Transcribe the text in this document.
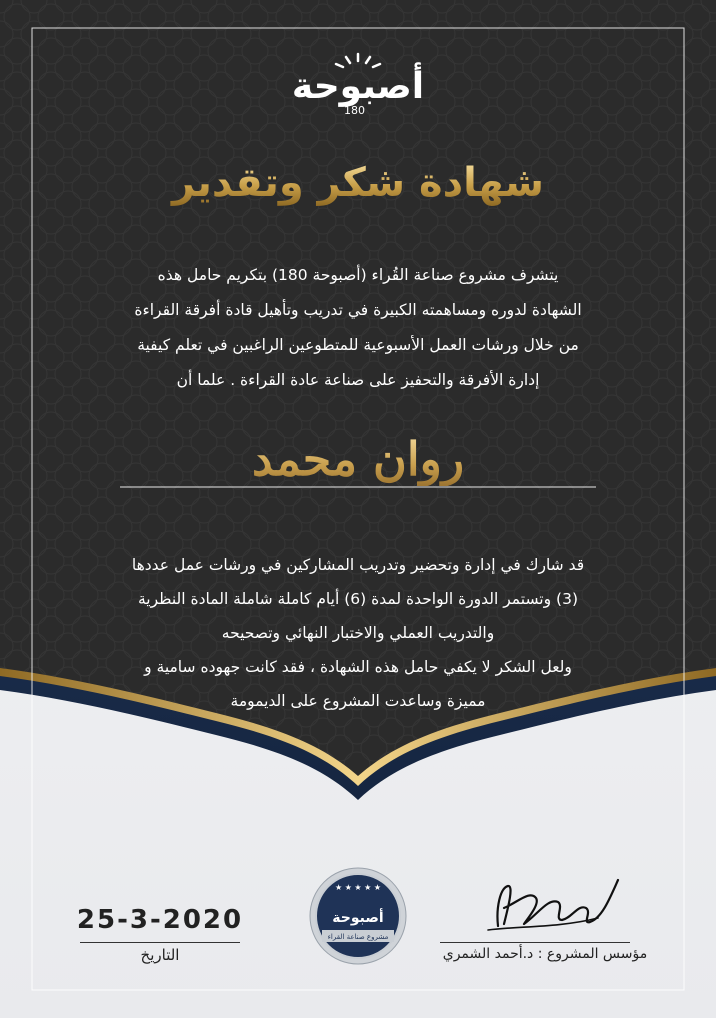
أصبوحة
180
شهادة شكر وتقدير
يتشرف مشروع صناعة القُراء (أصبوحة 180) بتكريم حامل هذه
الشهادة لدوره ومساهمته الكبيرة في تدريب وتأهيل قادة أفرقة القراءة
من خلال ورشات العمل الأسبوعية للمتطوعين الراغبين في تعلم كيفية
إدارة الأفرقة والتحفيز على صناعة عادة القراءة . علما أن
روان محمد
قد شارك في إدارة وتحضير وتدريب المشاركين في ورشات عمل عددها
(3) وتستمر الدورة الواحدة لمدة (6) أيام كاملة شاملة المادة النظرية
والتدريب العملي والاختبار النهائي وتصحيحه
ولعل الشكر لا يكفي حامل هذه الشهادة ، فقد كانت جهوده سامية و
مميزة وساعدت المشروع على الديمومة
★ ★ ★ ★ ★
أصبوحة
مشروع صناعة القراء
25-3-2020
التاريخ	مؤسس المشروع : د.أحمد الشمري
